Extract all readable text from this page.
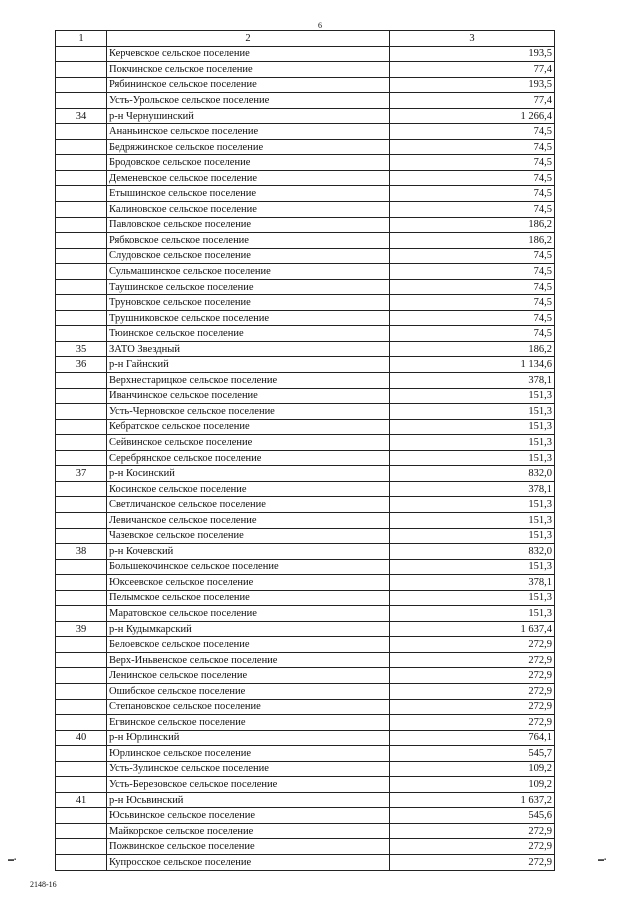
6
1	2	3
	Керчевское сельское поселение	193,5
	Покчинское сельское поселение	77,4
	Рябининское сельское поселение	193,5
	Усть-Урольское сельское поселение	77,4
34	р-н Чернушинский	1 266,4
	Ананьинское сельское поселение	74,5
	Бедряжинское сельское поселение	74,5
	Бродовское сельское поселение	74,5
	Деменевское сельское поселение	74,5
	Етышинское сельское поселение	74,5
	Калиновское сельское поселение	74,5
	Павловское сельское поселение	186,2
	Рябковское сельское поселение	186,2
	Слудовское сельское поселение	74,5
	Сульмашинское сельское поселение	74,5
	Таушинское сельское поселение	74,5
	Труновское сельское поселение	74,5
	Трушниковское сельское поселение	74,5
	Тюинское сельское поселение	74,5
35	ЗАТО Звездный	186,2
36	р-н Гайнский	1 134,6
	Верхнестарицкое сельское поселение	378,1
	Иванчинское сельское поселение	151,3
	Усть-Черновское сельское поселение	151,3
	Кебратское сельское поселение	151,3
	Сейвинское сельское поселение	151,3
	Серебрянское сельское поселение	151,3
37	р-н Косинский	832,0
	Косинское сельское поселение	378,1
	Светличанское сельское поселение	151,3
	Левичанское сельское поселение	151,3
	Чазевское сельское поселение	151,3
38	р-н Кочевский	832,0
	Большекочинское сельское поселение	151,3
	Юксеевское сельское поселение	378,1
	Пелымское сельское поселение	151,3
	Маратовское сельское поселение	151,3
39	р-н Кудымкарский	1 637,4
	Белоевское сельское поселение	272,9
	Верх-Иньвенское сельское поселение	272,9
	Ленинское сельское поселение	272,9
	Ошибское сельское поселение	272,9
	Степановское сельское поселение	272,9
	Егвинское сельское поселение	272,9
40	р-н Юрлинский	764,1
	Юрлинское сельское поселение	545,7
	Усть-Зулинское сельское поселение	109,2
	Усть-Березовское сельское поселение	109,2
41	р-н Юсьвинский	1 637,2
	Юсьвинское сельское поселение	545,6
	Майкорское сельское поселение	272,9
	Пожвинское сельское поселение	272,9
	Купросское сельское поселение	272,9
▬▪	▬▪
2148-16
